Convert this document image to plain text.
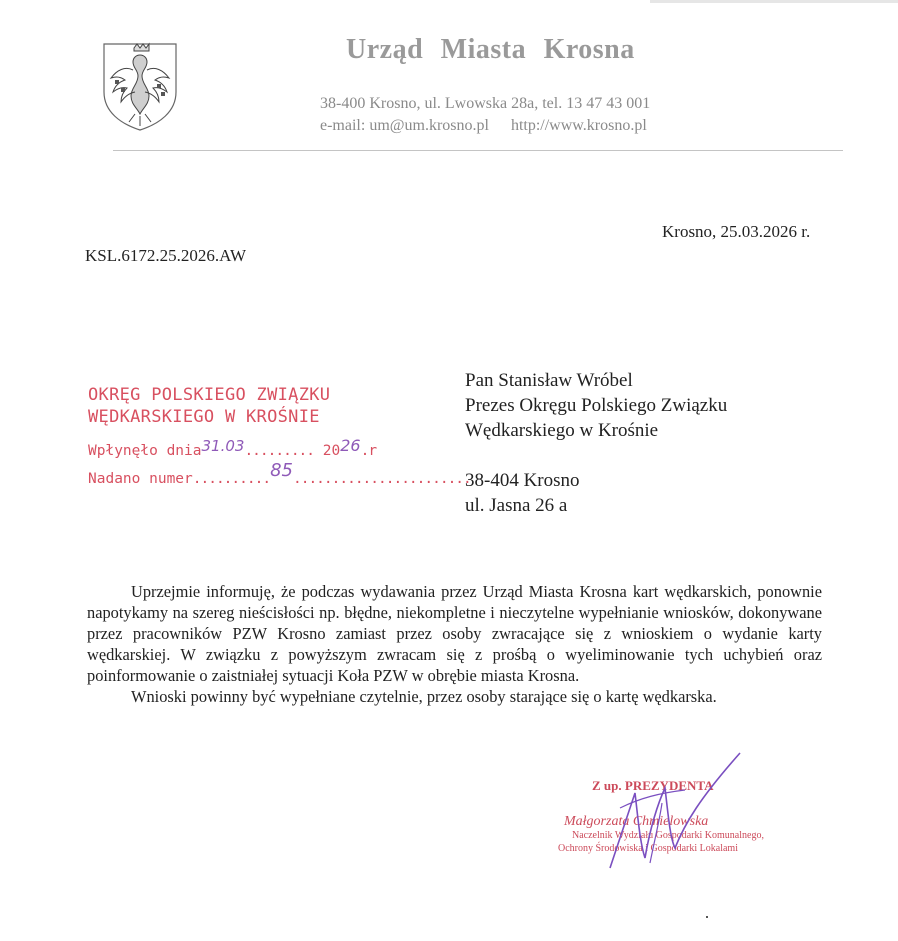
Urząd Miasta Krosna
38-400 Krosno, ul. Lwowska 28a, tel. 13 47 43 001
e-mail: um@um.krosno.pl http://www.krosno.pl
Krosno, 25.03.2026 r.
KSL.6172.25.2026.AW
OKRĘG POLSKIEGO ZWIĄZKU
WĘDKARSKIEGO W KROŚNIE
Wpłynęło dnia31.03......... 2026.r
Nadano numer..........85.......................
Pan Stanisław Wróbel
Prezes Okręgu Polskiego Związku
Wędkarskiego w Krośnie
38-404 Krosno
ul. Jasna 26 a

Uprzejmie informuję, że podczas wydawania przez Urząd Miasta Krosna kart wędkarskich, ponownie napotykamy na szereg nieścisłości np. błędne, niekompletne i nieczytelne wypełnianie wniosków, dokonywane przez pracowników PZW Krosno zamiast przez osoby zwracające się z wnioskiem o wydanie karty wędkarskiej. W związku z powyższym zwracam się z prośbą o wyeliminowanie tych uchybień oraz poinformowanie o zaistniałej sytuacji Koła PZW w obrębie miasta Krosna.

Wnioski powinny być wypełniane czytelnie, przez osoby starające się o kartę wędkarska.

Z up. PREZYDENTA
Małgorzata Chmielowska
Naczelnik Wydziału Gospodarki Komunalnego,
Ochrony Środowiska i Gospodarki Lokalami
